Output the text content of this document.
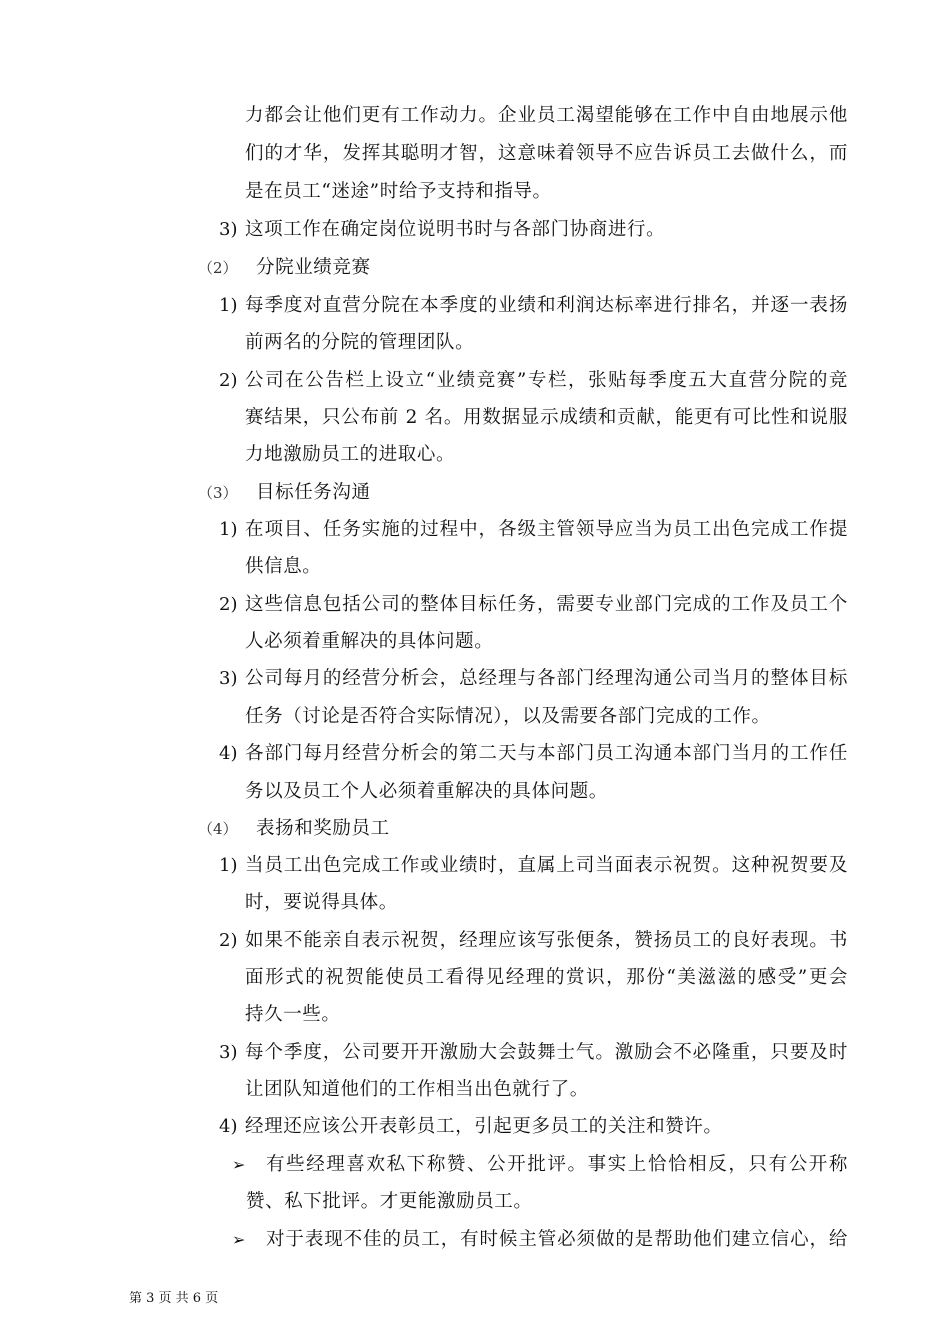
力都会让他们更有工作动力。企业员工渴望能够在工作中自由地展示他
们的才华，发挥其聪明才智，这意味着领导不应告诉员工去做什么，而
是在员工“迷途”时给予支持和指导。
3) 这项工作在确定岗位说明书时与各部门协商进行。
（2） 分院业绩竞赛
1) 每季度对直营分院在本季度的业绩和利润达标率进行排名，并逐一表扬
前两名的分院的管理团队。
2) 公司在公告栏上设立“业绩竞赛”专栏，张贴每季度五大直营分院的竞
赛结果，只公布前 2 名。用数据显示成绩和贡献，能更有可比性和说服
力地激励员工的进取心。
（3） 目标任务沟通
1) 在项目、任务实施的过程中，各级主管领导应当为员工出色完成工作提
供信息。
2) 这些信息包括公司的整体目标任务，需要专业部门完成的工作及员工个
人必须着重解决的具体问题。
3) 公司每月的经营分析会，总经理与各部门经理沟通公司当月的整体目标
任务（讨论是否符合实际情况），以及需要各部门完成的工作。
4) 各部门每月经营分析会的第二天与本部门员工沟通本部门当月的工作任
务以及员工个人必须着重解决的具体问题。
（4） 表扬和奖励员工
1) 当员工出色完成工作或业绩时，直属上司当面表示祝贺。这种祝贺要及
时，要说得具体。
2) 如果不能亲自表示祝贺，经理应该写张便条，赞扬员工的良好表现。书
面形式的祝贺能使员工看得见经理的赏识，那份“美滋滋的感受”更会
持久一些。
3) 每个季度，公司要开开激励大会鼓舞士气。激励会不必隆重，只要及时
让团队知道他们的工作相当出色就行了。
4) 经理还应该公开表彰员工，引起更多员工的关注和赞许。
➢ 有些经理喜欢私下称赞、公开批评。事实上恰恰相反，只有公开称
赞、私下批评。才更能激励员工。
➢ 对于表现不佳的员工，有时候主管必须做的是帮助他们建立信心，给
第 3 页 共 6 页
